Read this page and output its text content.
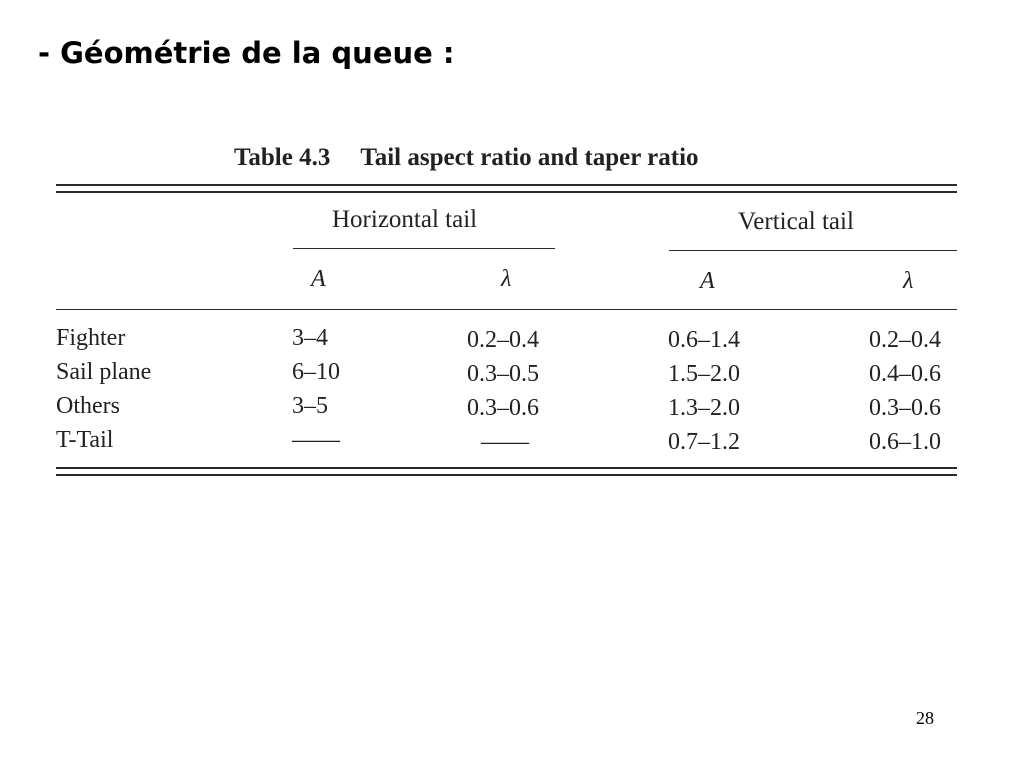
- Géométrie de la queue :
Table 4.3 Tail aspect ratio and taper ratio
Horizontal tail	Vertical tail
A	λ	A	λ
Fighter	3–4	0.2–0.4	0.6–1.4	0.2–0.4
Sail plane	6–10	0.3–0.5	1.5–2.0	0.4–0.6
Others	3–5	0.3–0.6	1.3–2.0	0.3–0.6
T-Tail	——	——	0.7–1.2	0.6–1.0
28
